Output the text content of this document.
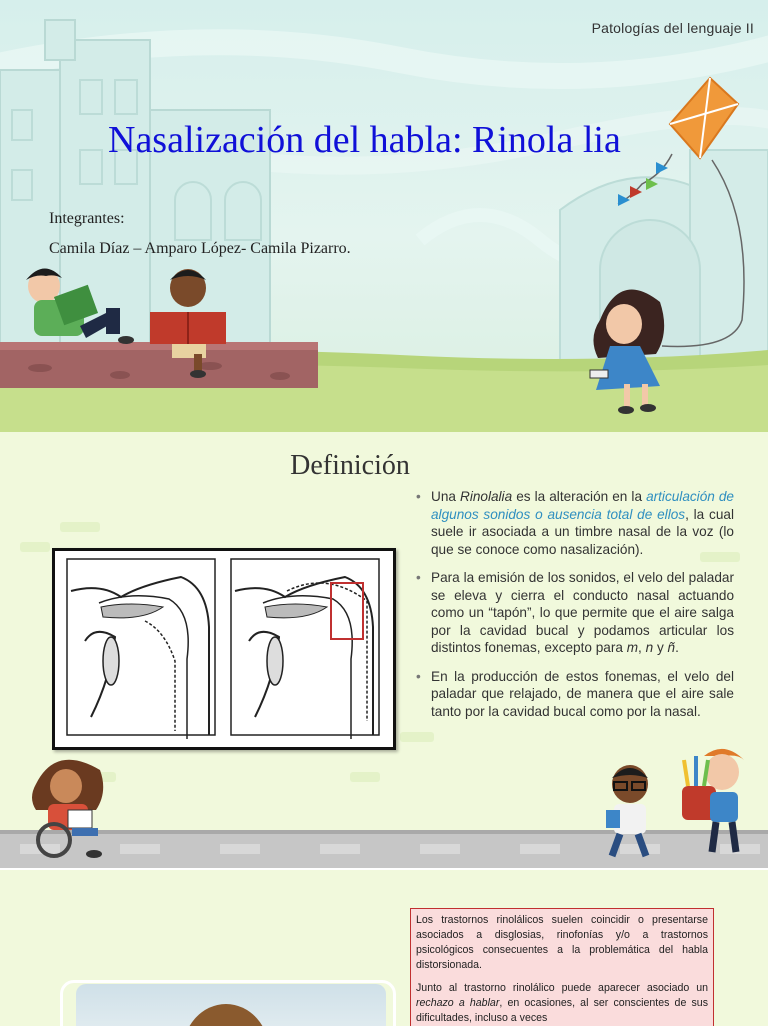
Patologías del lenguaje II
Nasalización del habla: Rinola lia
Integrantes:
Camila Díaz – Amparo López- Camila Pizarro.
Definición
• Una Rinolalia es la alteración en la articulación de algunos sonidos o ausencia total de ellos, la cual suele ir asociada a un timbre nasal de la voz (lo que se conoce como nasalización).
• Para la emisión de los sonidos, el velo del paladar se eleva y cierra el conducto nasal actuando como un “tapón”, lo que permite que el aire salga por la cavidad bucal y podamos articular los distintos fonemas, excepto para m, n y ñ.
• En la producción de estos fonemas, el velo del paladar que relajado, de manera que el aire sale tanto por la cavidad bucal como por la nasal.

Los trastornos rinolálicos suelen coincidir o presentarse asociados a disglosias, rinofonías y/o a trastornos psicológicos consecuentes a la problemática del habla distorsionada.

Junto al trastorno rinolálico puede aparecer asociado un rechazo a hablar, en ocasiones, al ser conscientes de sus dificultades, incluso a veces
